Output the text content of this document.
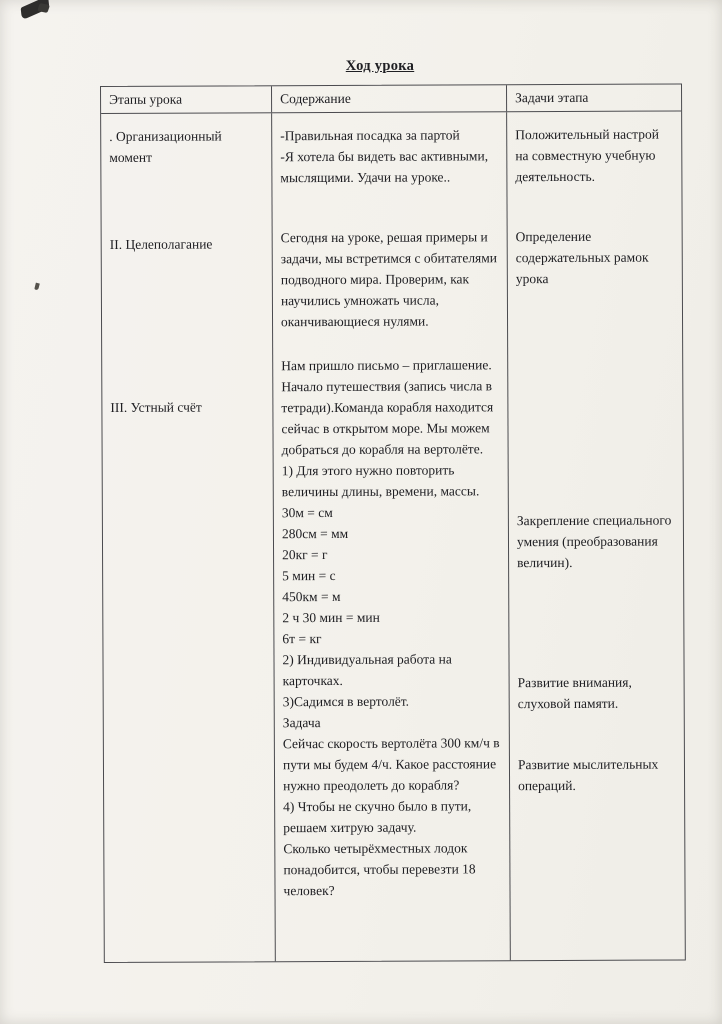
Ход урока
Этапы урока	Содержание	Задачи этапа
. Организационный момент
II. Целеполагание
III. Устный счёт

-Правильная посадка за партой

-Я хотела бы видеть вас активными, мыслящими. Удачи на уроке..

Сегодня на уроке, решая примеры и задачи, мы встретимся с обитателями подводного мира. Проверим, как научились умножать числа, оканчивающиеся нулями.

Нам пришло письмо – приглашение.

Начало путешествия (запись числа в тетради).Команда корабля находится сейчас в открытом море. Мы можем добраться до корабля на вертолёте.

1) Для этого нужно повторить величины длины, времени, массы.

30м = см

280см = мм

20кг = г

5 мин = с

450км = м

2 ч 30 мин = мин

6т = кг

2) Индивидуальная работа на карточках.

3)Садимся в вертолёт.

Задача

Сейчас скорость вертолёта 300 км/ч в пути мы будем 4/ч. Какое расстояние нужно преодолеть до корабля?

4) Чтобы не скучно было в пути, решаем хитрую задачу.

Сколько четырёхместных лодок понадобится, чтобы перевезти 18 человек?

Положительный настрой на совместную учебную деятельность.
Определение содержательных рамок урока
Закрепление специального умения (преобразования величин).
Развитие внимания, слуховой памяти.
Развитие мыслительных операций.
